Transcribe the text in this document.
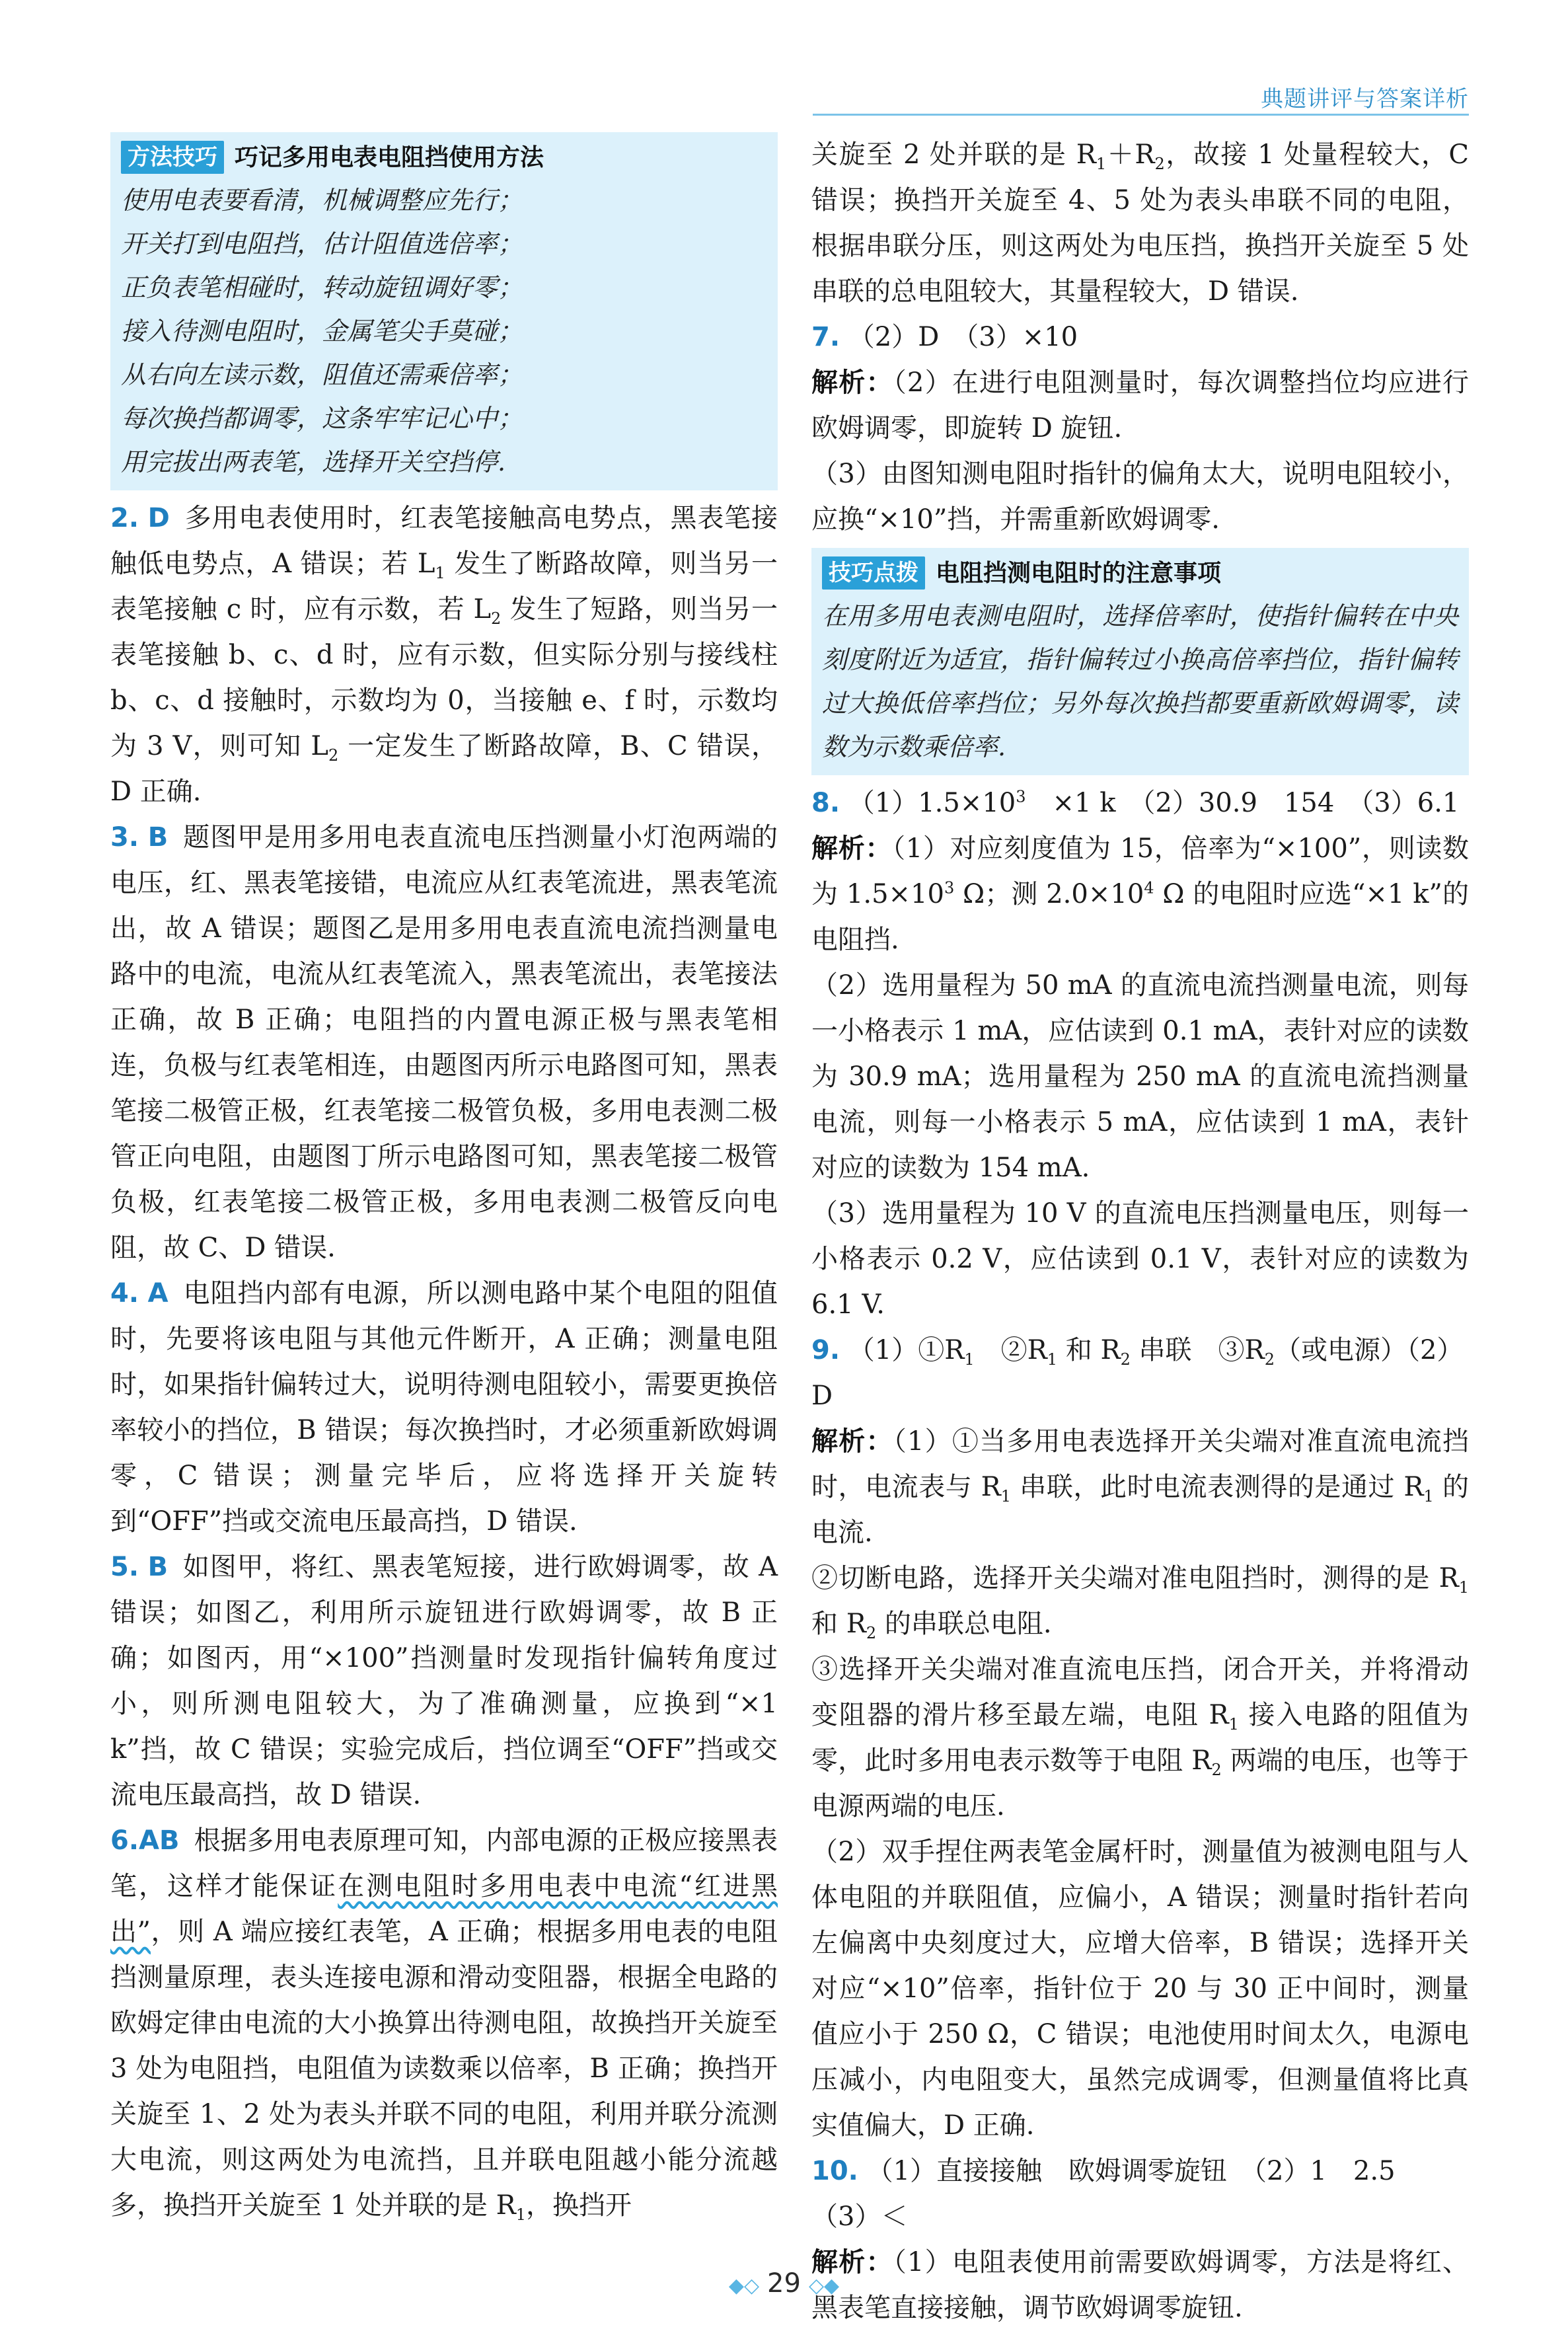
典题讲评与答案详析
方法技巧 巧记多用电表电阻挡使用方法
使用电表要看清，机械调整应先行；
开关打到电阻挡，估计阻值选倍率；
正负表笔相碰时，转动旋钮调好零；
接入待测电阻时，金属笔尖手莫碰；
从右向左读示数，阻值还需乘倍率；
每次换挡都调零，这条牢牢记心中；
用完拔出两表笔，选择开关空挡停.
2. D 多用电表使用时，红表笔接触高电势点，黑表笔接触低电势点，A 错误；若 $L_1$ 发生了断路故障，则当另一表笔接触 c 时，应有示数，若 $L_2$ 发生了短路，则当另一表笔接触 b、c、d 时，应有示数，但实际分别与接线柱 b、c、d 接触时，示数均为 0，当接触 e、f 时，示数均为 3 V，则可知 $L_2$ 一定发生了断路故障，B、C 错误，D 正确.
3. B 题图甲是用多用电表直流电压挡测量小灯泡两端的电压，红、黑表笔接错，电流应从红表笔流进，黑表笔流出，故 A 错误；题图乙是用多用电表直流电流挡测量电路中的电流，电流从红表笔流入，黑表笔流出，表笔接法正确，故 B 正确；电阻挡的内置电源正极与黑表笔相连，负极与红表笔相连，由题图丙所示电路图可知，黑表笔接二极管正极，红表笔接二极管负极，多用电表测二极管正向电阻，由题图丁所示电路图可知，黑表笔接二极管负极，红表笔接二极管正极，多用电表测二极管反向电阻，故 C、D 错误.
4. A 电阻挡内部有电源，所以测电路中某个电阻的阻值时，先要将该电阻与其他元件断开，A 正确；测量电阻时，如果指针偏转过大，说明待测电阻较小，需要更换倍率较小的挡位，B 错误；每次换挡时，才必须重新欧姆调零，C 错误；测量完毕后，应将选择开关旋转到“OFF”挡或交流电压最高挡，D 错误.
5. B 如图甲，将红、黑表笔短接，进行欧姆调零，故 A 错误；如图乙，利用所示旋钮进行欧姆调零，故 B 正确；如图丙，用“×100”挡测量时发现指针偏转角度过小，则所测电阻较大，为了准确测量，应换到“×1 k”挡，故 C 错误；实验完成后，挡位调至“OFF”挡或交流电压最高挡，故 D 错误.
6.AB 根据多用电表原理可知，内部电源的正极应接黑表笔，这样才能保证在测电阻时多用电表中电流“红进黑出”，则 A 端应接红表笔，A 正确；根据多用电表的电阻挡测量原理，表头连接电源和滑动变阻器，根据全电路的欧姆定律由电流的大小换算出待测电阻，故换挡开关旋至 3 处为电阻挡，电阻值为读数乘以倍率，B 正确；换挡开关旋至 1、2 处为表头并联不同的电阻，利用并联分流测大电流，则这两处为电流挡，且并联电阻越小能分流越多，换挡开关旋至 1 处并联的是 $R_1$，换挡开
关旋至 2 处并联的是 $R_1+R_2$，故接 1 处量程较大，C 错误；换挡开关旋至 4、5 处为表头串联不同的电阻，根据串联分压，则这两处为电压挡，换挡开关旋至 5 处串联的总电阻较大，其量程较大，D 错误.
7. （2）D　（3）×10
解析：（2）在进行电阻测量时，每次调整挡位均应进行欧姆调零，即旋转 D 旋钮.
（3）由图知测电阻时指针的偏角太大，说明电阻较小，应换“×10”挡，并需重新欧姆调零.
技巧点拨 电阻挡测电阻时的注意事项
在用多用电表测电阻时，选择倍率时，使指针偏转在中央刻度附近为适宜，指针偏转过小换高倍率挡位，指针偏转过大换低倍率挡位；另外每次换挡都要重新欧姆调零，读数为示数乘倍率.
8. $(1)1.5\times 10^3$　×1 k　（2）30.9　154　（3）6.1
解析：（1）对应刻度值为 15，倍率为“×100”，则读数为 $1.5\times 10^3$ Ω；测 $2.0\times 10^4$ Ω 的电阻时应选“×1 k”的电阻挡.
（2）选用量程为 50 mA 的直流电流挡测量电流，则每一小格表示 1 mA，应估读到 0.1 mA，表针对应的读数为 30.9 mA；选用量程为 250 mA 的直流电流挡测量电流，则每一小格表示 5 mA，应估读到 1 mA，表针对应的读数为 154 mA.
（3）选用量程为 10 V 的直流电压挡测量电压，则每一小格表示 0.2 V，应估读到 0.1 V，表针对应的读数为 6.1 V.
9. $(1)①R_1$　$②R_1$ 和 $R_2$ 串联　$③R_2$（或电源）（2）D
解析：（1）①当多用电表选择开关尖端对准直流电流挡时，电流表与 $R_1$ 串联，此时电流表测得的是通过 $R_1$ 的电流.
②切断电路，选择开关尖端对准电阻挡时，测得的是 $R_1$ 和 $R_2$ 的串联总电阻.
③选择开关尖端对准直流电压挡，闭合开关，并将滑动变阻器的滑片移至最左端，电阻 $R_1$ 接入电路的阻值为零，此时多用电表示数等于电阻 $R_2$ 两端的电压，也等于电源两端的电压.
（2）双手捏住两表笔金属杆时，测量值为被测电阻与人体电阻的并联阻值，应偏小，A 错误；测量时指针若向左偏离中央刻度过大，应增大倍率，B 错误；选择开关对应“×10”倍率，指针位于 20 与 30 正中间时，测量值应小于 250 Ω，C 错误；电池使用时间太久，电源电压减小，内电阻变大，虽然完成调零，但测量值将比真实值偏大，D 正确.
10. （1）直接接触　欧姆调零旋钮　（2）1　2.5
（3）＜
解析：（1）电阻表使用前需要欧姆调零，方法是将红、黑表笔直接接触，调节欧姆调零旋钮.
◆◇ 29 ◇◆
